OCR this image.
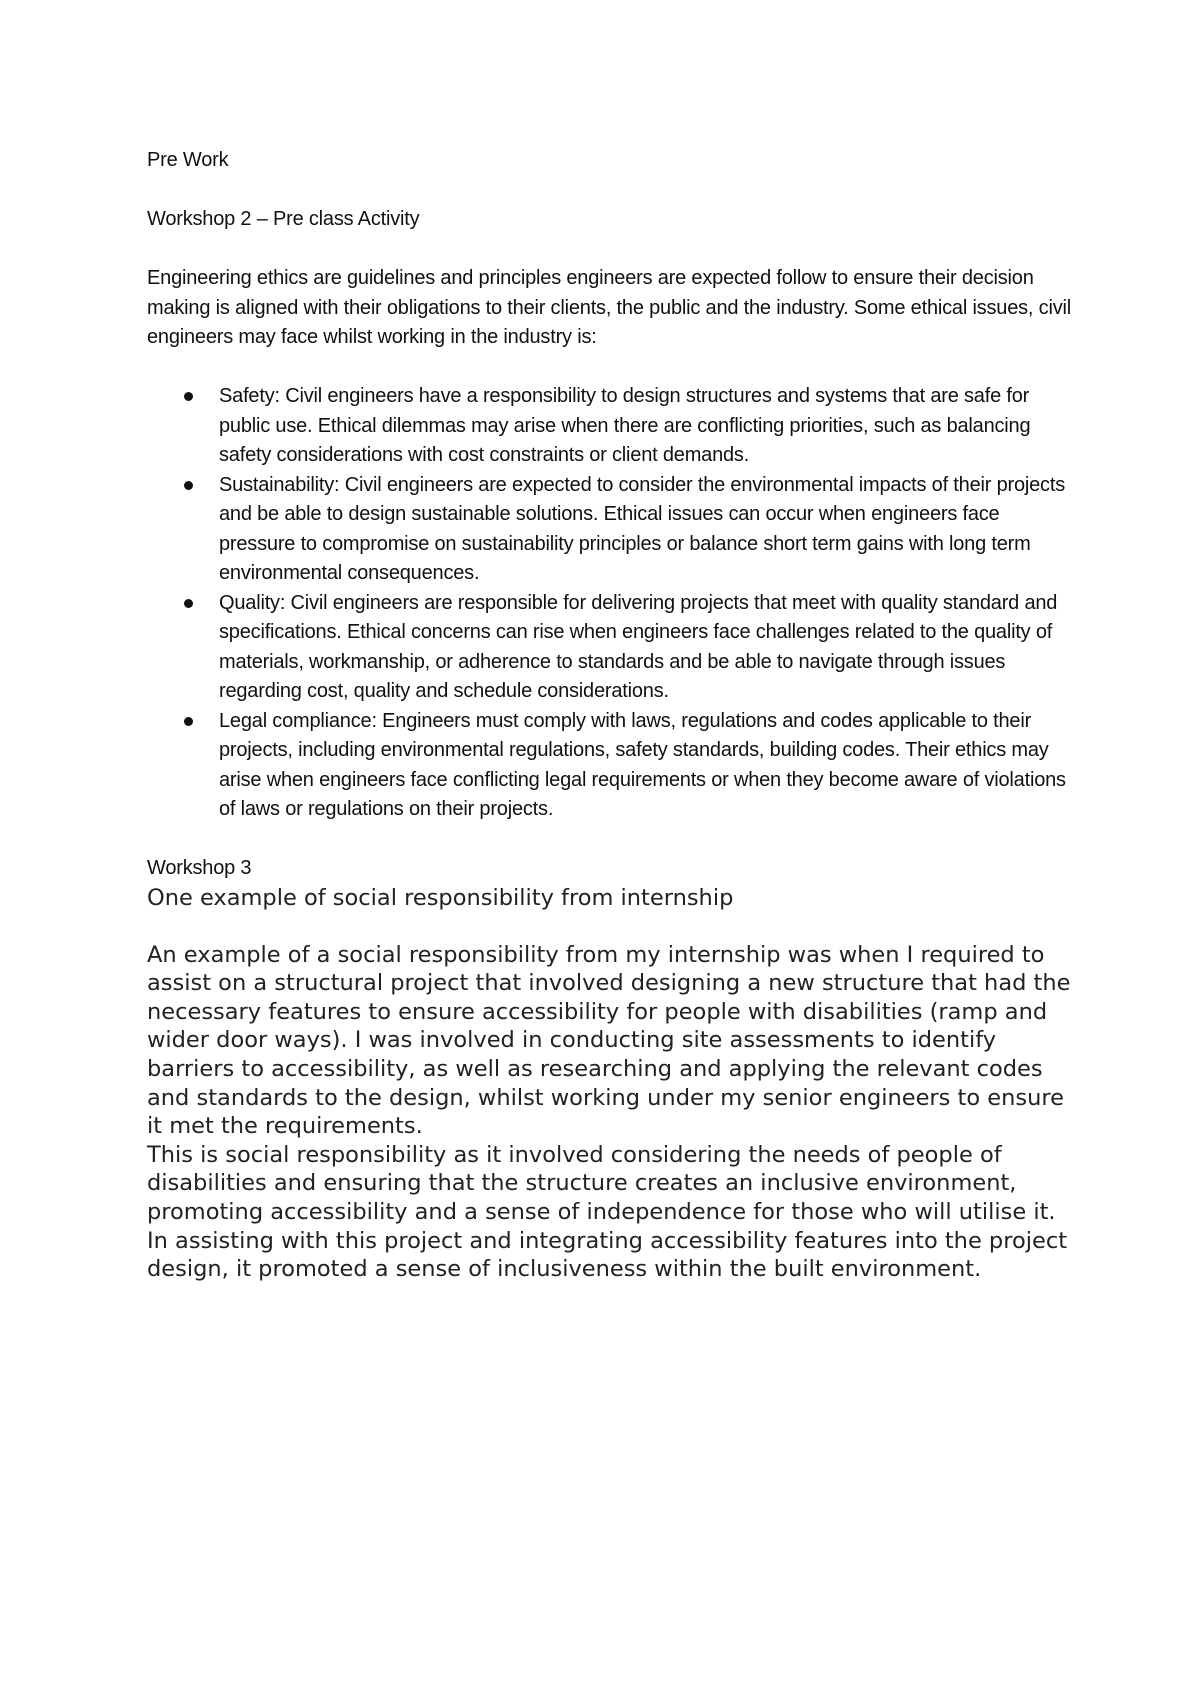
Pre Work

Workshop 2 – Pre class Activity

Engineering ethics are guidelines and principles engineers are expected follow to ensure their decision making is aligned with their obligations to their clients, the public and the industry. Some ethical issues, civil engineers may face whilst working in the industry is:

Safety: Civil engineers have a responsibility to design structures and systems that are safe for public use. Ethical dilemmas may arise when there are conflicting priorities, such as balancing safety considerations with cost constraints or client demands.
Sustainability: Civil engineers are expected to consider the environmental impacts of their projects and be able to design sustainable solutions. Ethical issues can occur when engineers face pressure to compromise on sustainability principles or balance short term gains with long term environmental consequences.
Quality: Civil engineers are responsible for delivering projects that meet with quality standard and specifications. Ethical concerns can rise when engineers face challenges related to the quality of materials, workmanship, or adherence to standards and be able to navigate through issues regarding cost, quality and schedule considerations.
Legal compliance: Engineers must comply with laws, regulations and codes applicable to their projects, including environmental regulations, safety standards, building codes. Their ethics may arise when engineers face conflicting legal requirements or when they become aware of violations of laws or regulations on their projects.

Workshop 3

One example of social responsibility from internship

An example of a social responsibility from my internship was when I required to assist on a structural project that involved designing a new structure that had the necessary features to ensure accessibility for people with disabilities (ramp and wider door ways). I was involved in conducting site assessments to identify barriers to accessibility, as well as researching and applying the relevant codes and standards to the design, whilst working under my senior engineers to ensure it met the requirements.

This is social responsibility as it involved considering the needs of people of disabilities and ensuring that the structure creates an inclusive environment, promoting accessibility and a sense of independence for those who will utilise it. In assisting with this project and integrating accessibility features into the project design, it promoted a sense of inclusiveness within the built environment.
